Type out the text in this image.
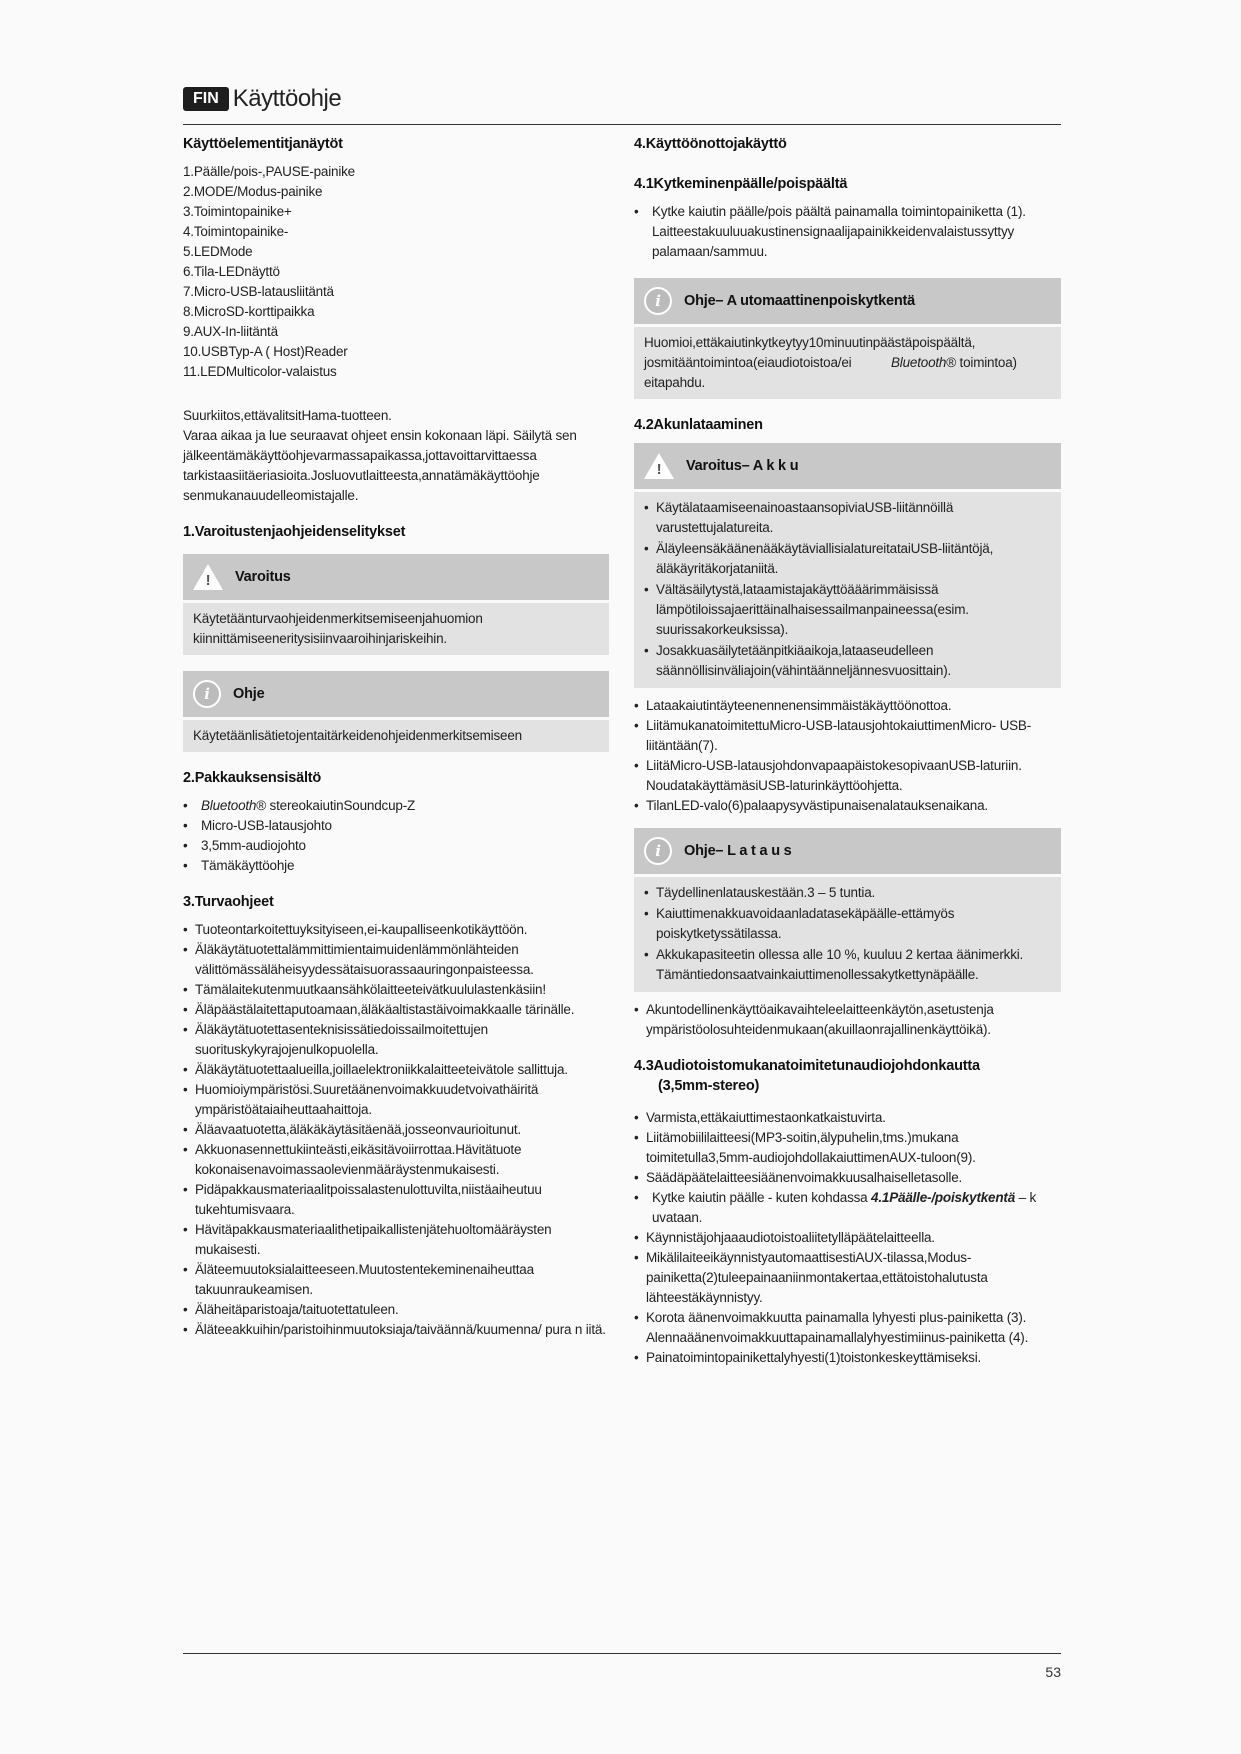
FIN Käyttöohje
Käyttöelementitjanäytöt
1.Päälle/pois-,PAUSE-painike
2.MODE/Modus-painike
3.Toimintopainike+
4.Toimintopainike-
5.LEDMode
6.Tila-LEDnäyttö
7.Micro-USB-latausliitäntä
8.MicroSD-korttipaikka
9.AUX-In-liitäntä
10.USBTyp-A ( Host)Reader
11.LEDMulticolor-valaistus
Suurkiitos,ettävalitsitHama-tuotteen.
Varaa aikaa ja lue seuraavat ohjeet ensin kokonaan läpi. Säilytä sen jälkeentämäkäyttöohjevarmassapaikassa,jottavoittarvittaessa tarkistaasiitäeriasioita.Josluovutlaitteesta,annatämäkäyttöohje senmukanauudelleomistajalle.
1.Varoitustenjaohjeidenselitykset
! Varoitus
Käytetäänturvaohjeidenmerkitsemiseenjahuomion kiinnittämiseeneritysisiinvaaroihinjariskeihin.
i	Ohje
Käytetäänlisätietojentaitärkeidenohjeidenmerkitsemiseen
2.Pakkauksensisältö
• Bluetooth® stereokaiutinSoundcup-Z
• Micro-USB-latausjohto
• 3,5mm-audiojohto
• Tämäkäyttöohje
3.Turvaohjeet
• Tuoteontarkoitettuyksityiseen,ei-kaupalliseenkotikäyttöön.
• Äläkäytätuotettalämmittimientaimuidenlämmönlähteiden välittömässäläheisyydessätaisuorassaauringonpaisteessa.
• Tämälaitekutenmuutkaansähkölaitteeteivätkuululastenkäsiin!
• Äläpäästälaitettaputoamaan,äläkäaltistastäivoimakkaalle tärinälle.
• Äläkäytätuotettasenteknisissätiedoissailmoitettujen suorituskykyrajojenulkopuolella.
• Äläkäytätuotettaalueilla,joillaelektroniikkalaitteeteivätole sallittuja.
• Huomioiympäristösi.Suuretäänenvoimakkuudetvoivathäiritä ympäristöätaiaiheuttaahaittoja.
• Äläavaatuotetta,äläkäkäytäsitäenää,josseonvaurioitunut.
• Akkuonasennettukiinteästi,eikäsitävoiirrottaa.Hävitätuote kokonaisenavoimassaolevienmääräystenmukaisesti.
• Pidäpakkausmateriaalitpoissalastenulottuvilta,niistäaiheutuu tukehtumisvaara.
• Hävitäpakkausmateriaalithetipaikallistenjätehuoltomääräysten mukaisesti.
• Äläteemuutoksialaitteeseen.Muutostentekeminenaiheuttaa takuunraukeamisen.
• Äläheitäparistoaja/taituotettatuleen.
• Äläteeakkuihin/paristoihinmuutoksiaja/taiväännä/kuumenna/ pura n iitä.
4.Käyttöönottojakäyttö
4.1Kytkeminenpäälle/poispäältä
• Kytke kaiutin päälle/pois päältä painamalla toimintopainiketta (1). Laitteestakuuluuakustinensignaalijapainikkeidenvalaistussyttyy palamaan/sammuu.
i	Ohje– A utomaattinenpoiskytkentä
Huomioi,ettäkaiutinkytkeytyy10minuutinpäästäpoispäältä, josmitääntoimintoa(eiaudiotoistoa/ei	Bluetooth® toimintoa) eitapahdu.
4.2Akunlataaminen
! Varoitus– A k k u
• KäytälataamiseenainoastaansopiviaUSB-liitännöillä varustettujalatureita.
• ÄläyleensäkäänenääkäytäviallisialatureitataiUSB-liitäntöjä, äläkäyritäkorjataniitä.
• Vältäsäilytystä,lataamistajakäyttöääärimmäisissä lämpötiloissajaerittäinalhaisessailmanpaineessa(esim. suurissakorkeuksissa).
• Josakkuasäilytetäänpitkiäaikoja,lataaseudelleen säännöllisinväliajoin(vähintäänneljännesvuosittain).
• Lataakaiutintäyteenennenensimmäistäkäyttöönottoa.
• LiitämukanatoimitettuMicro-USB-latausjohtokaiuttimenMicro- USB-liitäntään(7).
• LiitäMicro-USB-latausjohdonvapaapäistokesopivaanUSB-laturiin. NoudatakäyttämäsiUSB-laturinkäyttöohjetta.
• TilanLED-valo(6)palaapysyvästipunaisenalatauksenaikana.
i	Ohje– L a t a u s
• Täydellinenlatauskestään.3 – 5 tuntia.
• Kaiuttimenakkuavoidaanladatasekäpäälle-ettämyös poiskytketyssätilassa.
• Akkukapasiteetin ollessa alle 10 %, kuuluu 2 kertaa äänimerkki. Tämäntiedonsaatvainkaiuttimenollessakytkettynäpäälle.
• Akuntodellinenkäyttöaikavaihteleelaitteenkäytön,asetustenja ympäristöolosuhteidenmukaan(akuillaonrajallinenkäyttöikä).
4.3Audiotoistomukanatoimitetunaudiojohdonkautta
(3,5mm-stereo)
• Varmista,ettäkaiuttimestaonkatkaistuvirta.
• Liitämobiililaitteesi(MP3-soitin,älypuhelin,tms.)mukana toimitetulla3,5mm-audiojohdollakaiuttimenAUX-tuloon(9).
• Säädäpäätelaitteesiäänenvoimakkuusalhaiselletasolle.
• Kytke kaiutin päälle - kuten kohdassa 4.1Päälle-/poiskytkentä – k uvataan.
• Käynnistäjohjaaaudiotoistoaliitetylläpäätelaitteella.
• MikälilaiteeikäynnistyautomaattisestiAUX-tilassa,Modus- painiketta(2)tuleepainaaniinmontakertaa,ettätoistohalutusta lähteestäkäynnistyy.
• Korota äänenvoimakkuutta painamalla lyhyesti plus-painiketta (3). Alennaäänenvoimakkuuttapainamallalyhyestimiinus-painiketta (4).
• Painatoimintopainikettalyhyesti(1)toistonkeskeyttämiseksi.
53
